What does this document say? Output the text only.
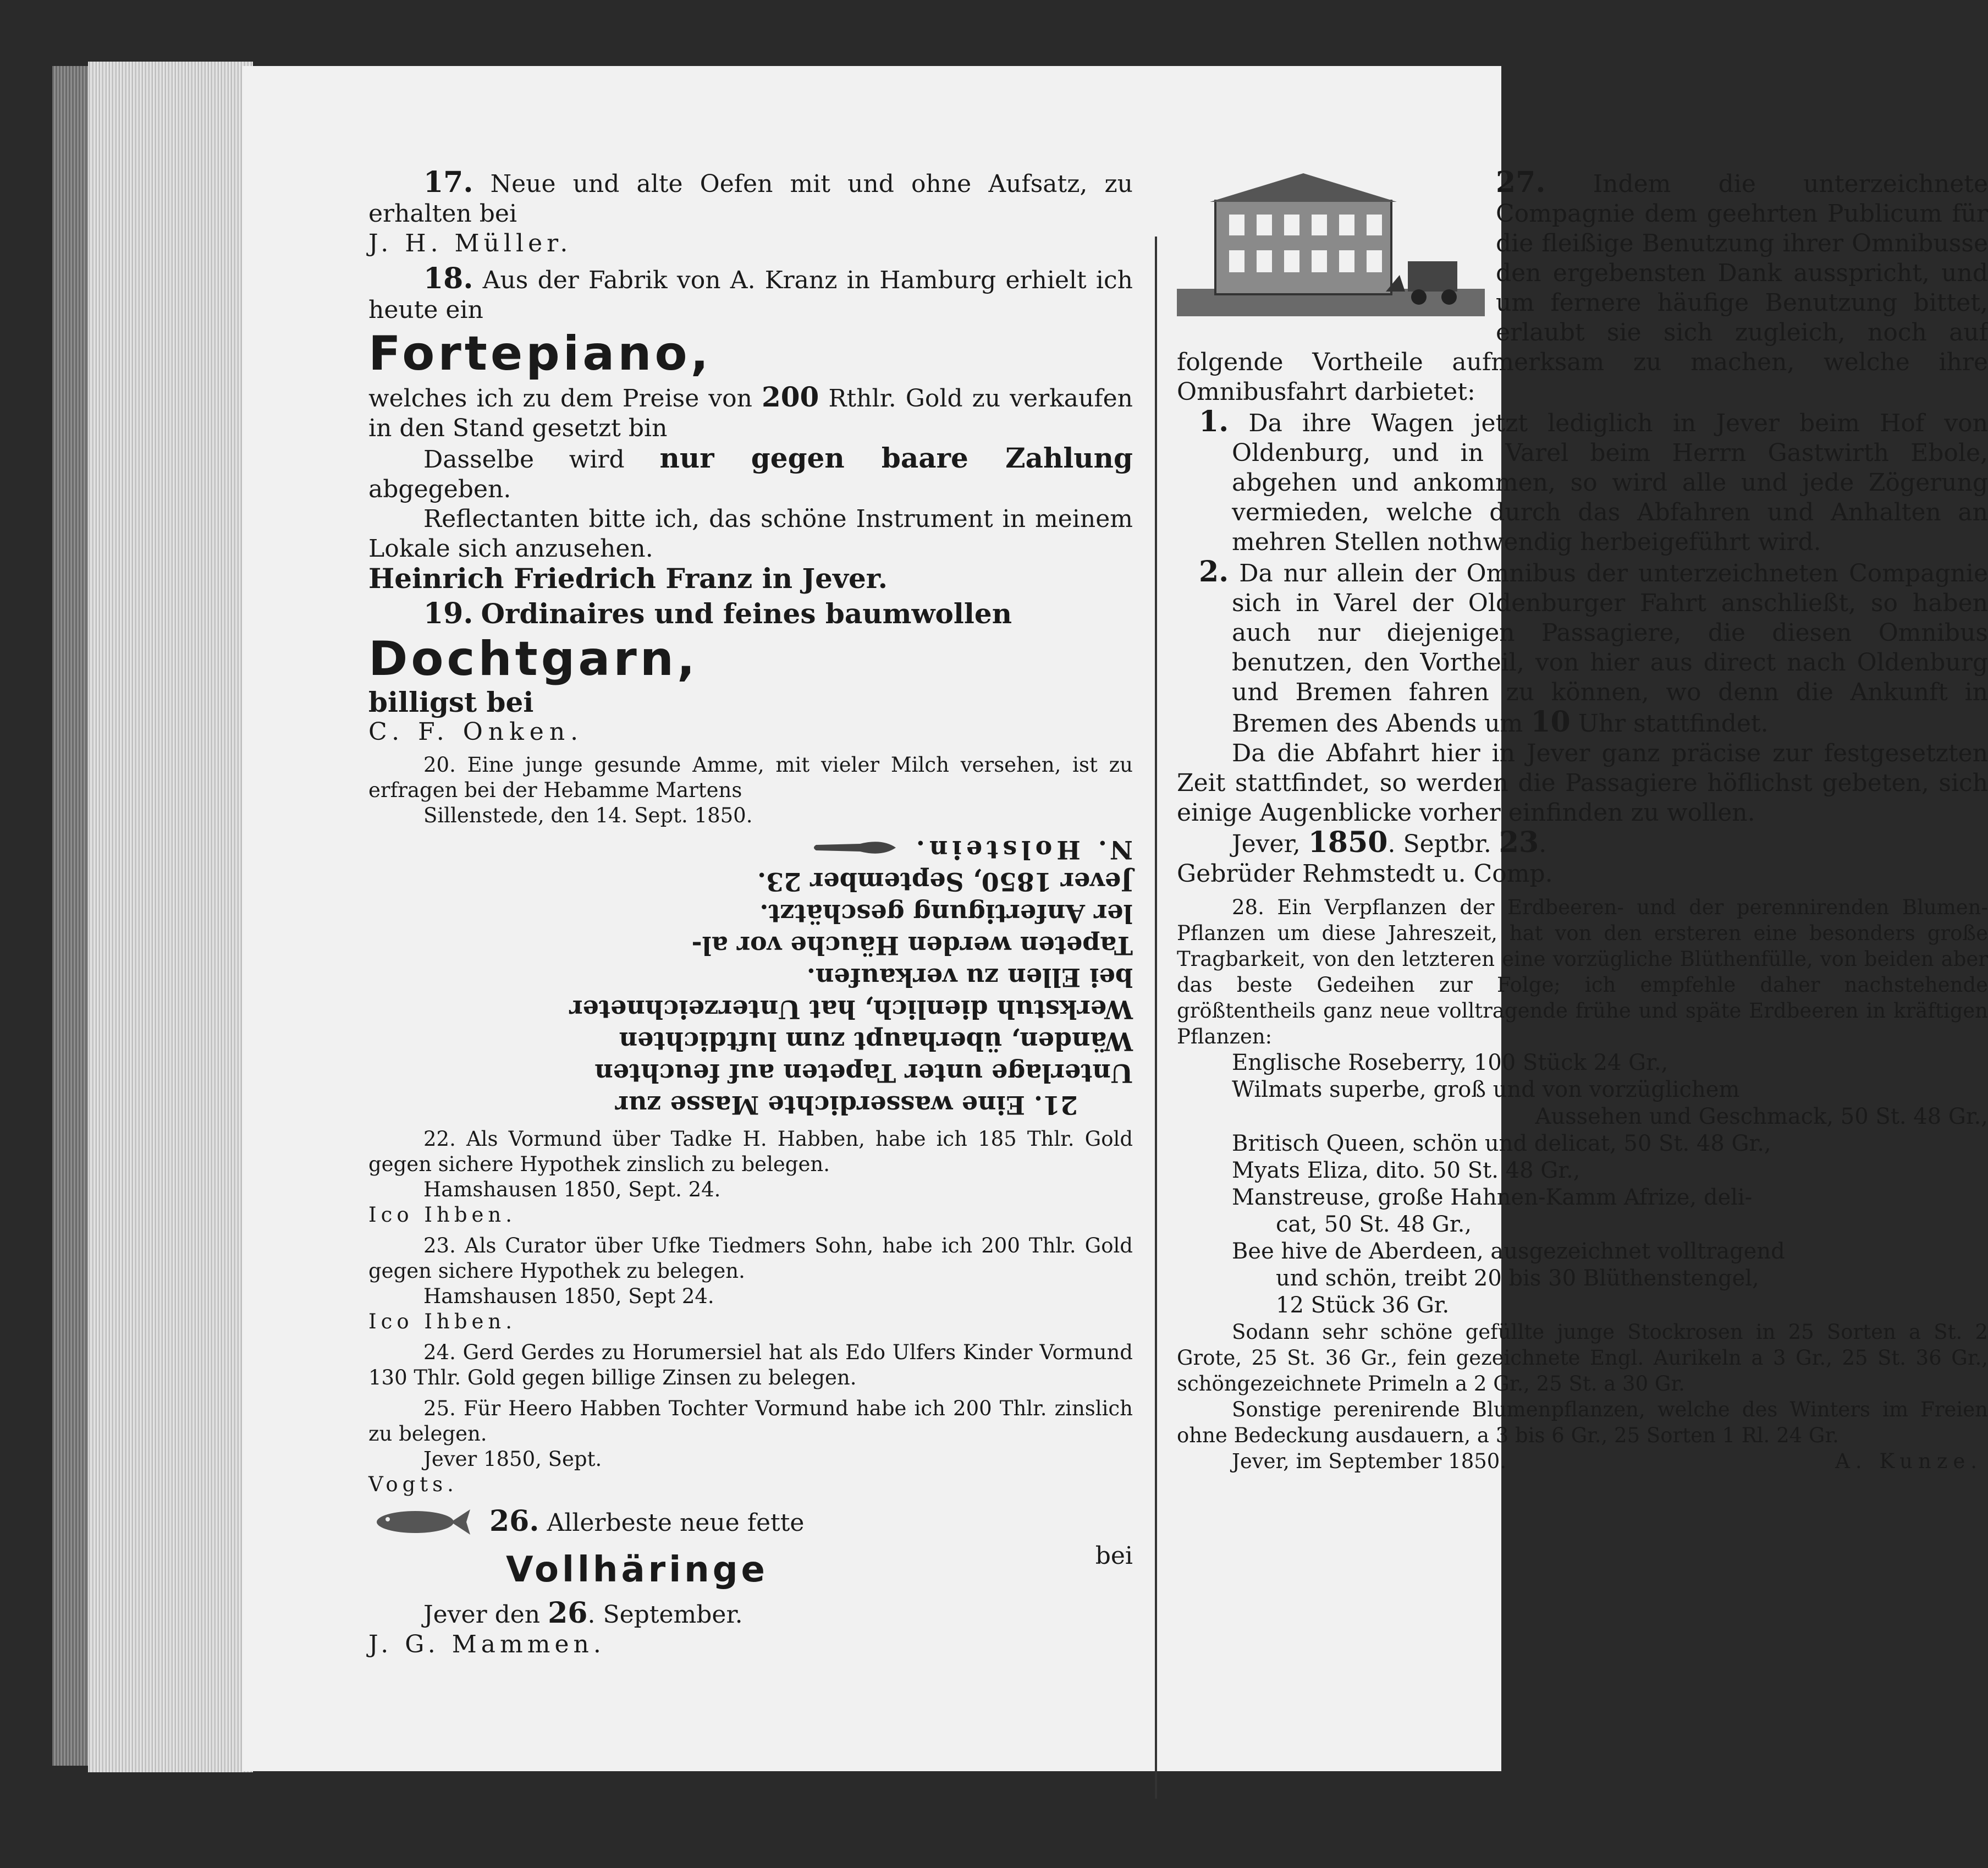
17. Neue und alte Oefen mit und ohne Aufsatz, zu erhalten bei

J. H. Müller.

18. Aus der Fabrik von A. Kranz in Hamburg erhielt ich heute ein

Fortepiano,

welches ich zu dem Preise von 200 Rthlr. Gold zu verkaufen in den Stand gesetzt bin

Dasselbe wird nur gegen baare Zahlung abgegeben.

Reflectanten bitte ich, das schöne Instrument in meinem Lokale sich anzusehen.

Heinrich Friedrich Franz in Jever.

19. Ordinaires und feines baumwollen

Dochtgarn,

billigst bei

C. F. Onken.

20. Eine junge gesunde Amme, mit vieler Milch versehen, ist zu erfragen bei der Hebamme Martens

Sillenstede, den 14. Sept. 1850.

21. Eine wasserdichte Masse zur

Unterlage unter Tapeten auf feuchten

Wänden, überhaupt zum luftdichten

Werkstuh dienlich, hat Unterzeichneter

bei Ellen zu verkaufen.

Tapeten werden Häuche vor al-

ler Anfertigung geschätzt.

Jever 1850, September 23.

N. Holstein.

22. Als Vormund über Tadke H. Habben, habe ich 185 Thlr. Gold gegen sichere Hypothek zinslich zu belegen.

Hamshausen 1850, Sept. 24.

Ico Ihben.

23. Als Curator über Ufke Tiedmers Sohn, habe ich 200 Thlr. Gold gegen sichere Hypothek zu belegen.

Hamshausen 1850, Sept 24.

Ico Ihben.

24. Gerd Gerdes zu Horumersiel hat als Edo Ulfers Kinder Vormund 130 Thlr. Gold gegen billige Zinsen zu belegen.

25. Für Heero Habben Tochter Vormund habe ich 200 Thlr. zinslich zu belegen.

Jever 1850, Sept.

Vogts.

26. Allerbeste neue fette

Vollhäringe	bei

Jever den 26. September.

J. G. Mammen.

27. Indem die unterzeichnete Compagnie dem geehrten Publicum für die fleißige Benutzung ihrer Omnibusse den ergebensten Dank ausspricht, und um fernere häufige Benutzung bittet, erlaubt sie sich zugleich, noch auf folgende Vortheile aufmerksam zu machen, welche ihre Omnibusfahrt darbietet:

1. Da ihre Wagen jetzt lediglich in Jever beim Hof von Oldenburg, und in Varel beim Herrn Gastwirth Ebole, abgehen und ankommen, so wird alle und jede Zögerung vermieden, welche durch das Abfahren und Anhalten an mehren Stellen nothwendig herbeigeführt wird.

2. Da nur allein der Omnibus der unterzeichneten Compagnie sich in Varel der Oldenburger Fahrt anschließt, so haben auch nur diejenigen Passagiere, die diesen Omnibus benutzen, den Vortheil, von hier aus direct nach Oldenburg und Bremen fahren zu können, wo denn die Ankunft in Bremen des Abends um 10 Uhr stattfindet.

Da die Abfahrt hier in Jever ganz präcise zur festgesetzten Zeit stattfindet, so werden die Passagiere höflichst gebeten, sich einige Augenblicke vorher einfinden zu wollen.

Jever, 1850. Septbr. 23.

Gebrüder Rehmstedt u. Comp.

28. Ein Verpflanzen der Erdbeeren- und der perennirenden Blumen-Pflanzen um diese Jahreszeit, hat von den ersteren eine besonders große Tragbarkeit, von den letzteren eine vorzügliche Blüthenfülle, von beiden aber das beste Gedeihen zur Folge; ich empfehle daher nachstehende größtentheils ganz neue volltragende frühe und späte Erdbeeren in kräftigen Pflanzen:

Englische Roseberry, 100 Stück 24 Gr.,

Wilmats superbe, groß und von vorzüglichem

Aussehen und Geschmack, 50 St. 48 Gr.,

Britisch Queen, schön und delicat, 50 St. 48 Gr.,

Myats Eliza, dito. 50 St. 48 Gr.,

Manstreuse, große Hahnen-Kamm Afrize, deli-

cat, 50 St. 48 Gr.,

Bee hive de Aberdeen, ausgezeichnet volltragend

und schön, treibt 20 bis 30 Blüthenstengel,

12 Stück 36 Gr.

Sodann sehr schöne gefüllte junge Stockrosen in 25 Sorten a St. 2 Grote, 25 St. 36 Gr., fein gezeichnete Engl. Aurikeln a 3 Gr., 25 St. 36 Gr., schöngezeichnete Primeln a 2 Gr., 25 St. a 30 Gr.

Sonstige perenirende Blumenpflanzen, welche des Winters im Freien ohne Bedeckung ausdauern, a 3 bis 6 Gr., 25 Sorten 1 Rl. 24 Gr.

Jever, im September 1850.	A. Kunze.
